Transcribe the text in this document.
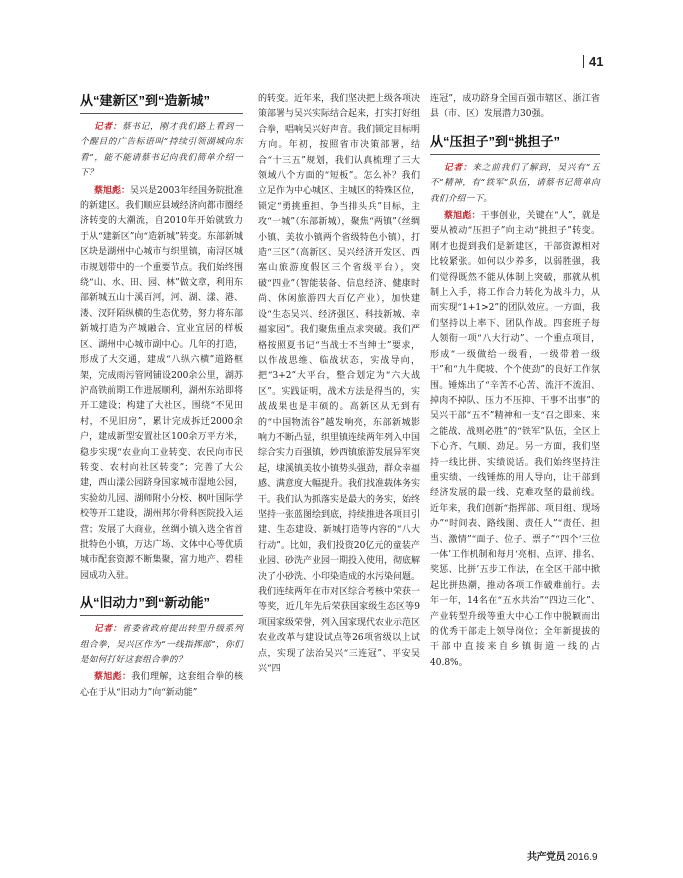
41
从“建新区”到“造新城”

记者：蔡书记，刚才我们路上看到一个醒目的广告标语叫“持续引领湖城向东看”，能不能请蔡书记向我们简单介绍一下？

蔡旭彪：吴兴是2003年经国务院批准的新建区。我们顺应县域经济向都市圈经济转变的大潮流，自2010年开始就致力于从“建新区”向“造新城”转变。东部新城区块是湖州中心城市与织里镇，南浔区城市规划带中的一个重要节点。我们始终围绕“山、水、田、园、林”做文章，利用东部新城五山十溪百河，河、湖、漾、港、溇、汊阡陌纵横的生态优势，努力将东部新城打造为产城融合、宜业宜居的样板区、湖州中心城市副中心。几年的打造，形成了大交通，建成“八纵六横”道路框架，完成雨污管网铺设200余公里，湖苏沪高铁前期工作进展顺利，湖州东站即将开工建设；构建了大社区，围绕“不见田村，不见旧房”，累计完成拆迁2000余户，建成新型安置社区100余万平方米，稳步实现“农业向工业转变、农民向市民转变、农村向社区转变”；完善了大公建，西山漾公园跻身国家城市湿地公园，实验幼儿园、湖师附小分校、枫叶国际学校等开工建设，湖州邦尔骨科医院投入运营；发展了大商业，丝绸小镇入选全省首批特色小镇，万达广场、文体中心等优质城市配套资源不断集聚，富力地产、碧桂园成功入驻。

从“旧动力”到“新动能”

记者：省委省政府提出转型升级系列组合拳，吴兴区作为“一线指挥部”，你们是如何打好这套组合拳的？

蔡旭彪：我们理解，这套组合拳的核心在于从“旧动力”向“新动能”

的转变。近年来，我们坚决把上级各项决策部署与吴兴实际结合起来，打实打好组合拳，唱响吴兴好声音。我们锁定目标明方向。年初，按照省市决策部署，结合“十三五”规划，我们认真梳理了三大领域八个方面的“短板”。怎么补？我们立足作为中心城区、主城区的特殊区位，锁定“勇挑重担、争当排头兵”目标，主攻“一城”（东部新城），聚焦“两镇”（丝绸小镇、美妆小镇两个省级特色小镇），打造“三区”（高新区、吴兴经济开发区、西塞山旅游度假区三个省级平台），突破“四业”（智能装备、信息经济、健康时尚、休闲旅游四大百亿产业），加快建设“生态吴兴、经济强区、科技新城、幸福家园”。我们聚焦重点求突破。我们严格按照夏书记“当战士不当绅士”要求，以作战思维、临战状态，实战导向，把“3+2”大平台，整合划定为“六大战区”。实践证明，战术方法是得当的，实战战果也是丰硕的。高新区从无到有的“中国物流谷”越发响亮，东部新城影响力不断凸显，织里镇连续两年列入中国综合实力百强镇，妙西镇旅游发展异军突起，埭溪镇美妆小镇势头强劲，群众幸福感、满意度大幅提升。我们找准载体务实干。我们认为抓落实是最大的务实，始终坚持一张蓝图绘到底，持续推进各项目引建、生态建设、新城打造等内容的“八大行动”。比如，我们投资20亿元的童装产业园、砂洗产业园一期投入使用，彻底解决了小砂洗、小印染造成的水污染问题。我们连续两年在市对区综合考核中荣获一等奖，近几年先后荣获国家级生态区等9项国家级荣誉，列入国家现代农业示范区农业改革与建设试点等26项省级以上试点，实现了法治吴兴“三连冠”、平安吴兴“四

连冠”，成功跻身全国百强市辖区、浙江省县（市、区）发展潜力30强。

从“压担子”到“挑担子”

记者：来之前我们了解到，吴兴有“五不”精神，有“铁军”队伍，请蔡书记简单向我们介绍一下。

蔡旭彪：干事创业，关键在“人”，就是要从被动“压担子”向主动“挑担子”转变。刚才也提到我们是新建区，干部资源相对比较紧张。如何以少养多，以弱胜强，我们觉得既然不能从体制上突破，那就从机制上入手，将工作合力转化为战斗力，从而实现“1+1>2”的团队效应。一方面，我们坚持以上率下、团队作战。四套班子每人领衔一项“八大行动”、一个重点项目，形成“一级做给一级看，一级带着一级干”和“九牛爬坡、个个使劲”的良好工作氛围。锤炼出了“辛苦不心苦、流汗不流泪、掉肉不掉队、压力不压抑、干事不出事”的吴兴干部“五不”精神和一支“召之即来、来之能战、战则必胜”的“铁军”队伍，全区上下心齐、气顺、劲足。另一方面，我们坚持一线比拼、实绩说话。我们始终坚持注重实绩、一线锤炼的用人导向，让干部到经济发展的最一线、克难攻坚的最前线。近年来，我们创新“指挥部、项目组、现场办”“时间表、路线图、责任人”“责任、担当、激情”“面子、位子、票子”“四个‘三位一体’工作机制和每月‘亮相、点评、排名、奖惩、比拼’五步工作法，在全区干部中掀起比拼热潮，推动各项工作破难前行。去年一年，14名在“五水共治”“四边三化”、产业转型升级等重大中心工作中脱颖而出的优秀干部走上领导岗位；全年新提拔的干部中直接来自乡镇街道一线的占40.8%。

共产党员 2016.9
